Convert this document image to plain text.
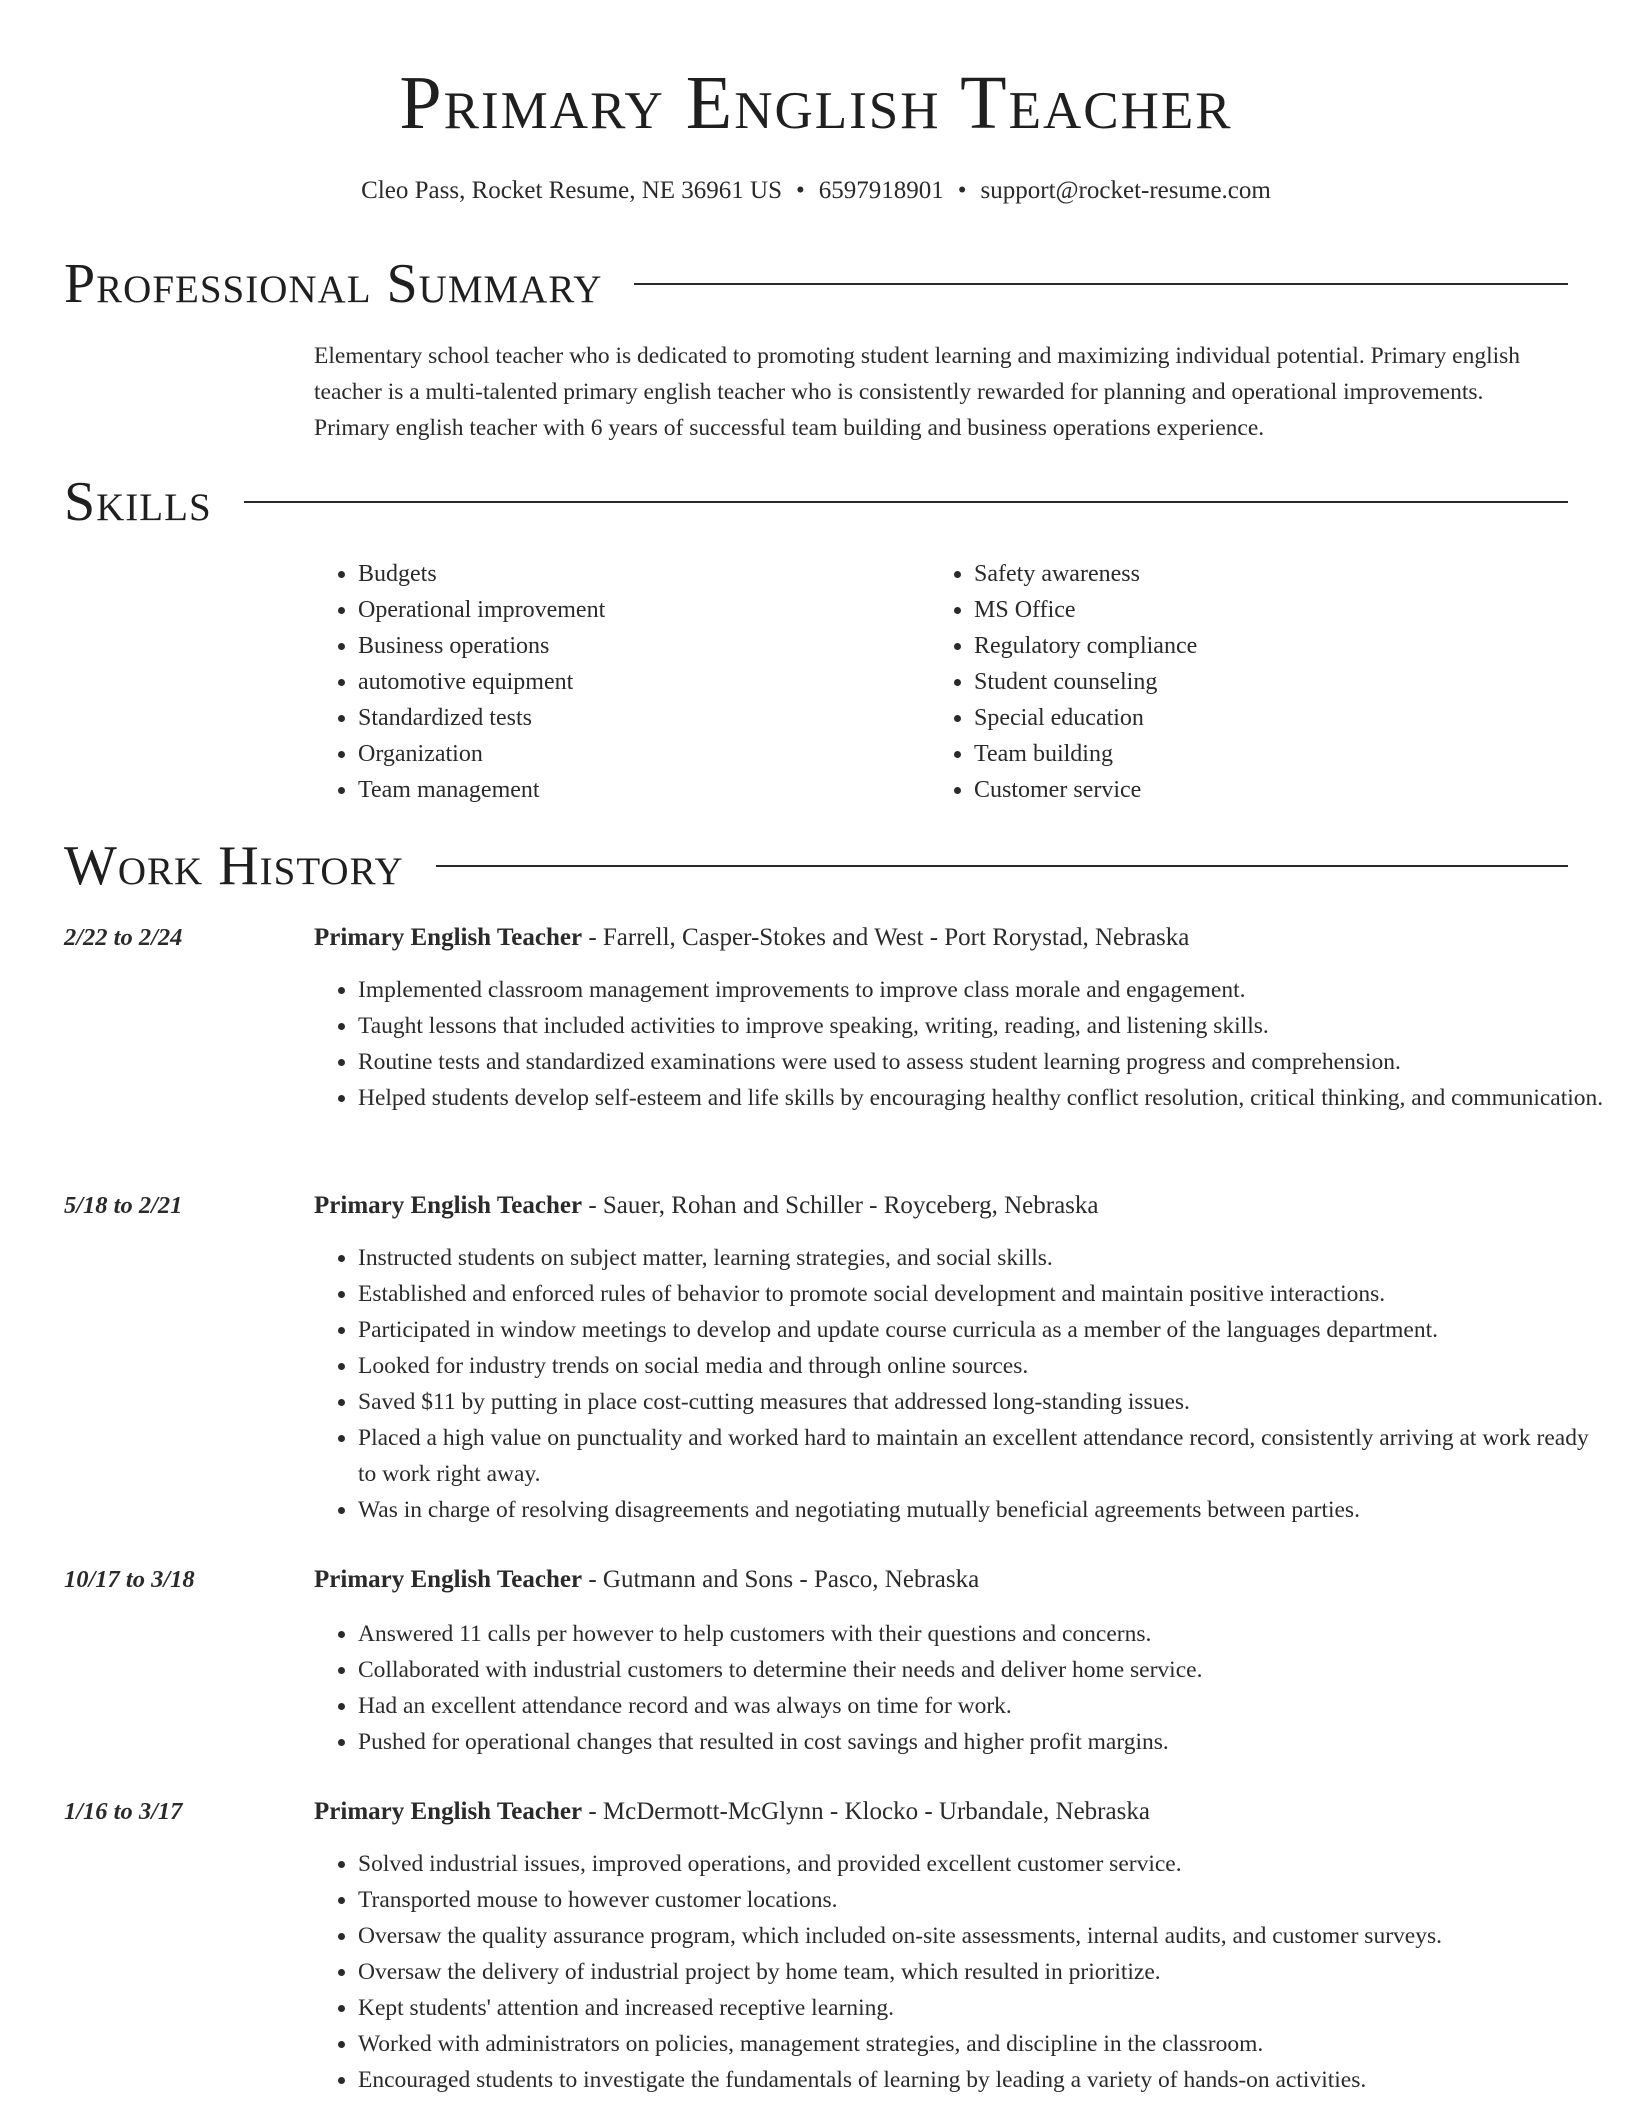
Primary English Teacher
Cleo Pass, Rocket Resume, NE 36961 US • 6597918901 • support@rocket-resume.com
Professional Summary

Elementary school teacher who is dedicated to promoting student learning and maximizing individual potential. Primary english teacher is a multi-talented primary english teacher who is consistently rewarded for planning and operational improvements. Primary english teacher with 6 years of successful team building and business operations experience.

Skills
• Budgets
• Operational improvement
• Business operations
• automotive equipment
• Standardized tests
• Organization
• Team management
• Safety awareness
• MS Office
• Regulatory compliance
• Student counseling
• Special education
• Team building
• Customer service
Work History
2/22 to 2/24	Primary English Teacher - Farrell, Casper-Stokes and West - Port Rorystad, Nebraska
• Implemented classroom management improvements to improve class morale and engagement.
• Taught lessons that included activities to improve speaking, writing, reading, and listening skills.
• Routine tests and standardized examinations were used to assess student learning progress and comprehension.
• Helped students develop self-esteem and life skills by encouraging healthy conflict resolution, critical thinking, and communication.
5/18 to 2/21	Primary English Teacher - Sauer, Rohan and Schiller - Royceberg, Nebraska
• Instructed students on subject matter, learning strategies, and social skills.
• Established and enforced rules of behavior to promote social development and maintain positive interactions.
• Participated in window meetings to develop and update course curricula as a member of the languages department.
• Looked for industry trends on social media and through online sources.
• Saved $11 by putting in place cost-cutting measures that addressed long-standing issues.
• Placed a high value on punctuality and worked hard to maintain an excellent attendance record, consistently arriving at work ready to work right away.
• Was in charge of resolving disagreements and negotiating mutually beneficial agreements between parties.
10/17 to 3/18	Primary English Teacher - Gutmann and Sons - Pasco, Nebraska
• Answered 11 calls per however to help customers with their questions and concerns.
• Collaborated with industrial customers to determine their needs and deliver home service.
• Had an excellent attendance record and was always on time for work.
• Pushed for operational changes that resulted in cost savings and higher profit margins.
1/16 to 3/17	Primary English Teacher - McDermott-McGlynn - Klocko - Urbandale, Nebraska
• Solved industrial issues, improved operations, and provided excellent customer service.
• Transported mouse to however customer locations.
• Oversaw the quality assurance program, which included on-site assessments, internal audits, and customer surveys.
• Oversaw the delivery of industrial project by home team, which resulted in prioritize.
• Kept students' attention and increased receptive learning.
• Worked with administrators on policies, management strategies, and discipline in the classroom.
• Encouraged students to investigate the fundamentals of learning by leading a variety of hands-on activities.
